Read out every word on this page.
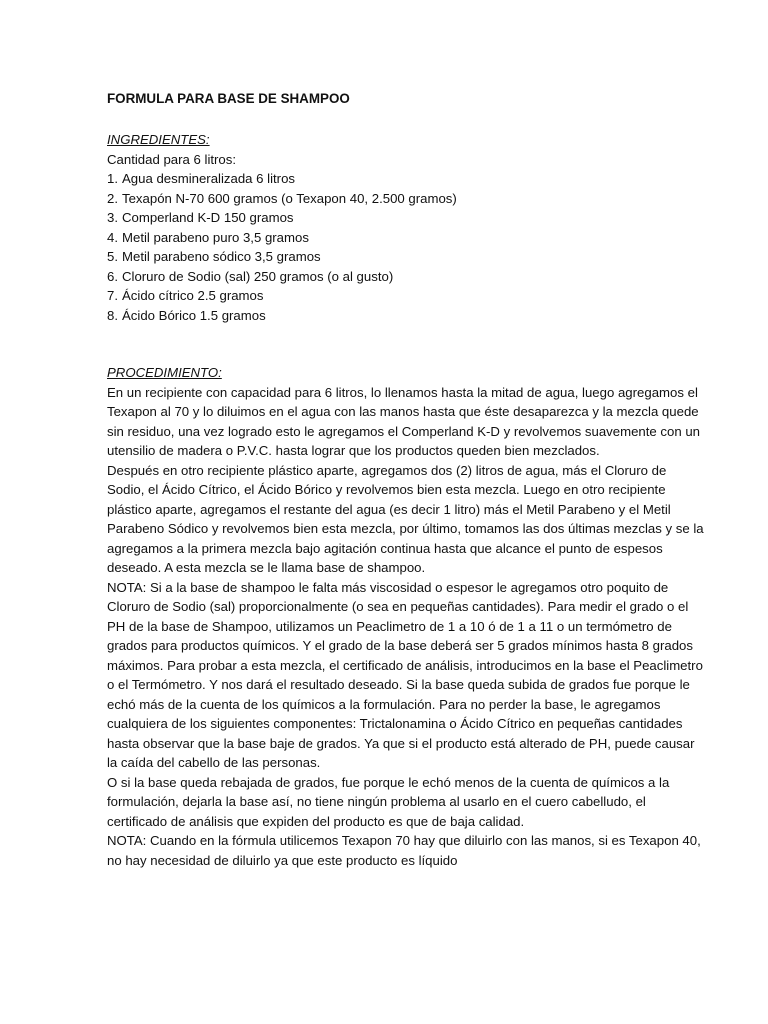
FORMULA PARA BASE DE SHAMPOO

INGREDIENTES:

Cantidad para 6 litros:

1. Agua desmineralizada 6 litros
2. Texapón N-70 600 gramos (o Texapon 40, 2.500 gramos)
3. Comperland K-D 150 gramos
4. Metil parabeno puro 3,5 gramos
5. Metil parabeno sódico 3,5 gramos
6. Cloruro de Sodio (sal) 250 gramos (o al gusto)
7. Ácido cítrico 2.5 gramos
8. Ácido Bórico 1.5 gramos

PROCEDIMIENTO:

En un recipiente con capacidad para 6 litros, lo llenamos hasta la mitad de agua, luego agregamos el Texapon al 70 y lo diluimos en el agua con las manos hasta que éste desaparezca y la mezcla quede sin residuo, una vez logrado esto le agregamos el Comperland K-D y revolvemos suavemente con un utensilio de madera o P.V.C. hasta lograr que los productos queden bien mezclados.

Después en otro recipiente plástico aparte, agregamos dos (2) litros de agua, más el Cloruro de Sodio, el Ácido Cítrico, el Ácido Bórico y revolvemos bien esta mezcla. Luego en otro recipiente plástico aparte, agregamos el restante del agua (es decir 1 litro) más el Metil Parabeno y el Metil Parabeno Sódico y revolvemos bien esta mezcla, por último, tomamos las dos últimas mezclas y se la agregamos a la primera mezcla bajo agitación continua hasta que alcance el punto de espesos deseado. A esta mezcla se le llama base de shampoo.

NOTA: Si a la base de shampoo le falta más viscosidad o espesor le agregamos otro poquito de Cloruro de Sodio (sal) proporcionalmente (o sea en pequeñas cantidades). Para medir el grado o el PH de la base de Shampoo, utilizamos un Peaclimetro de 1 a 10 ó de 1 a 11 o un termómetro de grados para productos químicos. Y el grado de la base deberá ser 5 grados mínimos hasta 8 grados máximos. Para probar a esta mezcla, el certificado de análisis, introducimos en la base el Peaclimetro o el Termómetro. Y nos dará el resultado deseado. Si la base queda subida de grados fue porque le echó más de la cuenta de los químicos a la formulación. Para no perder la base, le agregamos cualquiera de los siguientes componentes: Trictalonamina o Ácido Cítrico en pequeñas cantidades hasta observar que la base baje de grados. Ya que si el producto está alterado de PH, puede causar la caída del cabello de las personas.

O si la base queda rebajada de grados, fue porque le echó menos de la cuenta de químicos a la formulación, dejarla la base así, no tiene ningún problema al usarlo en el cuero cabelludo, el certificado de análisis que expiden del producto es que de baja calidad.

NOTA: Cuando en la fórmula utilicemos Texapon 70 hay que diluirlo con las manos, si es Texapon 40, no hay necesidad de diluirlo ya que este producto es líquido
